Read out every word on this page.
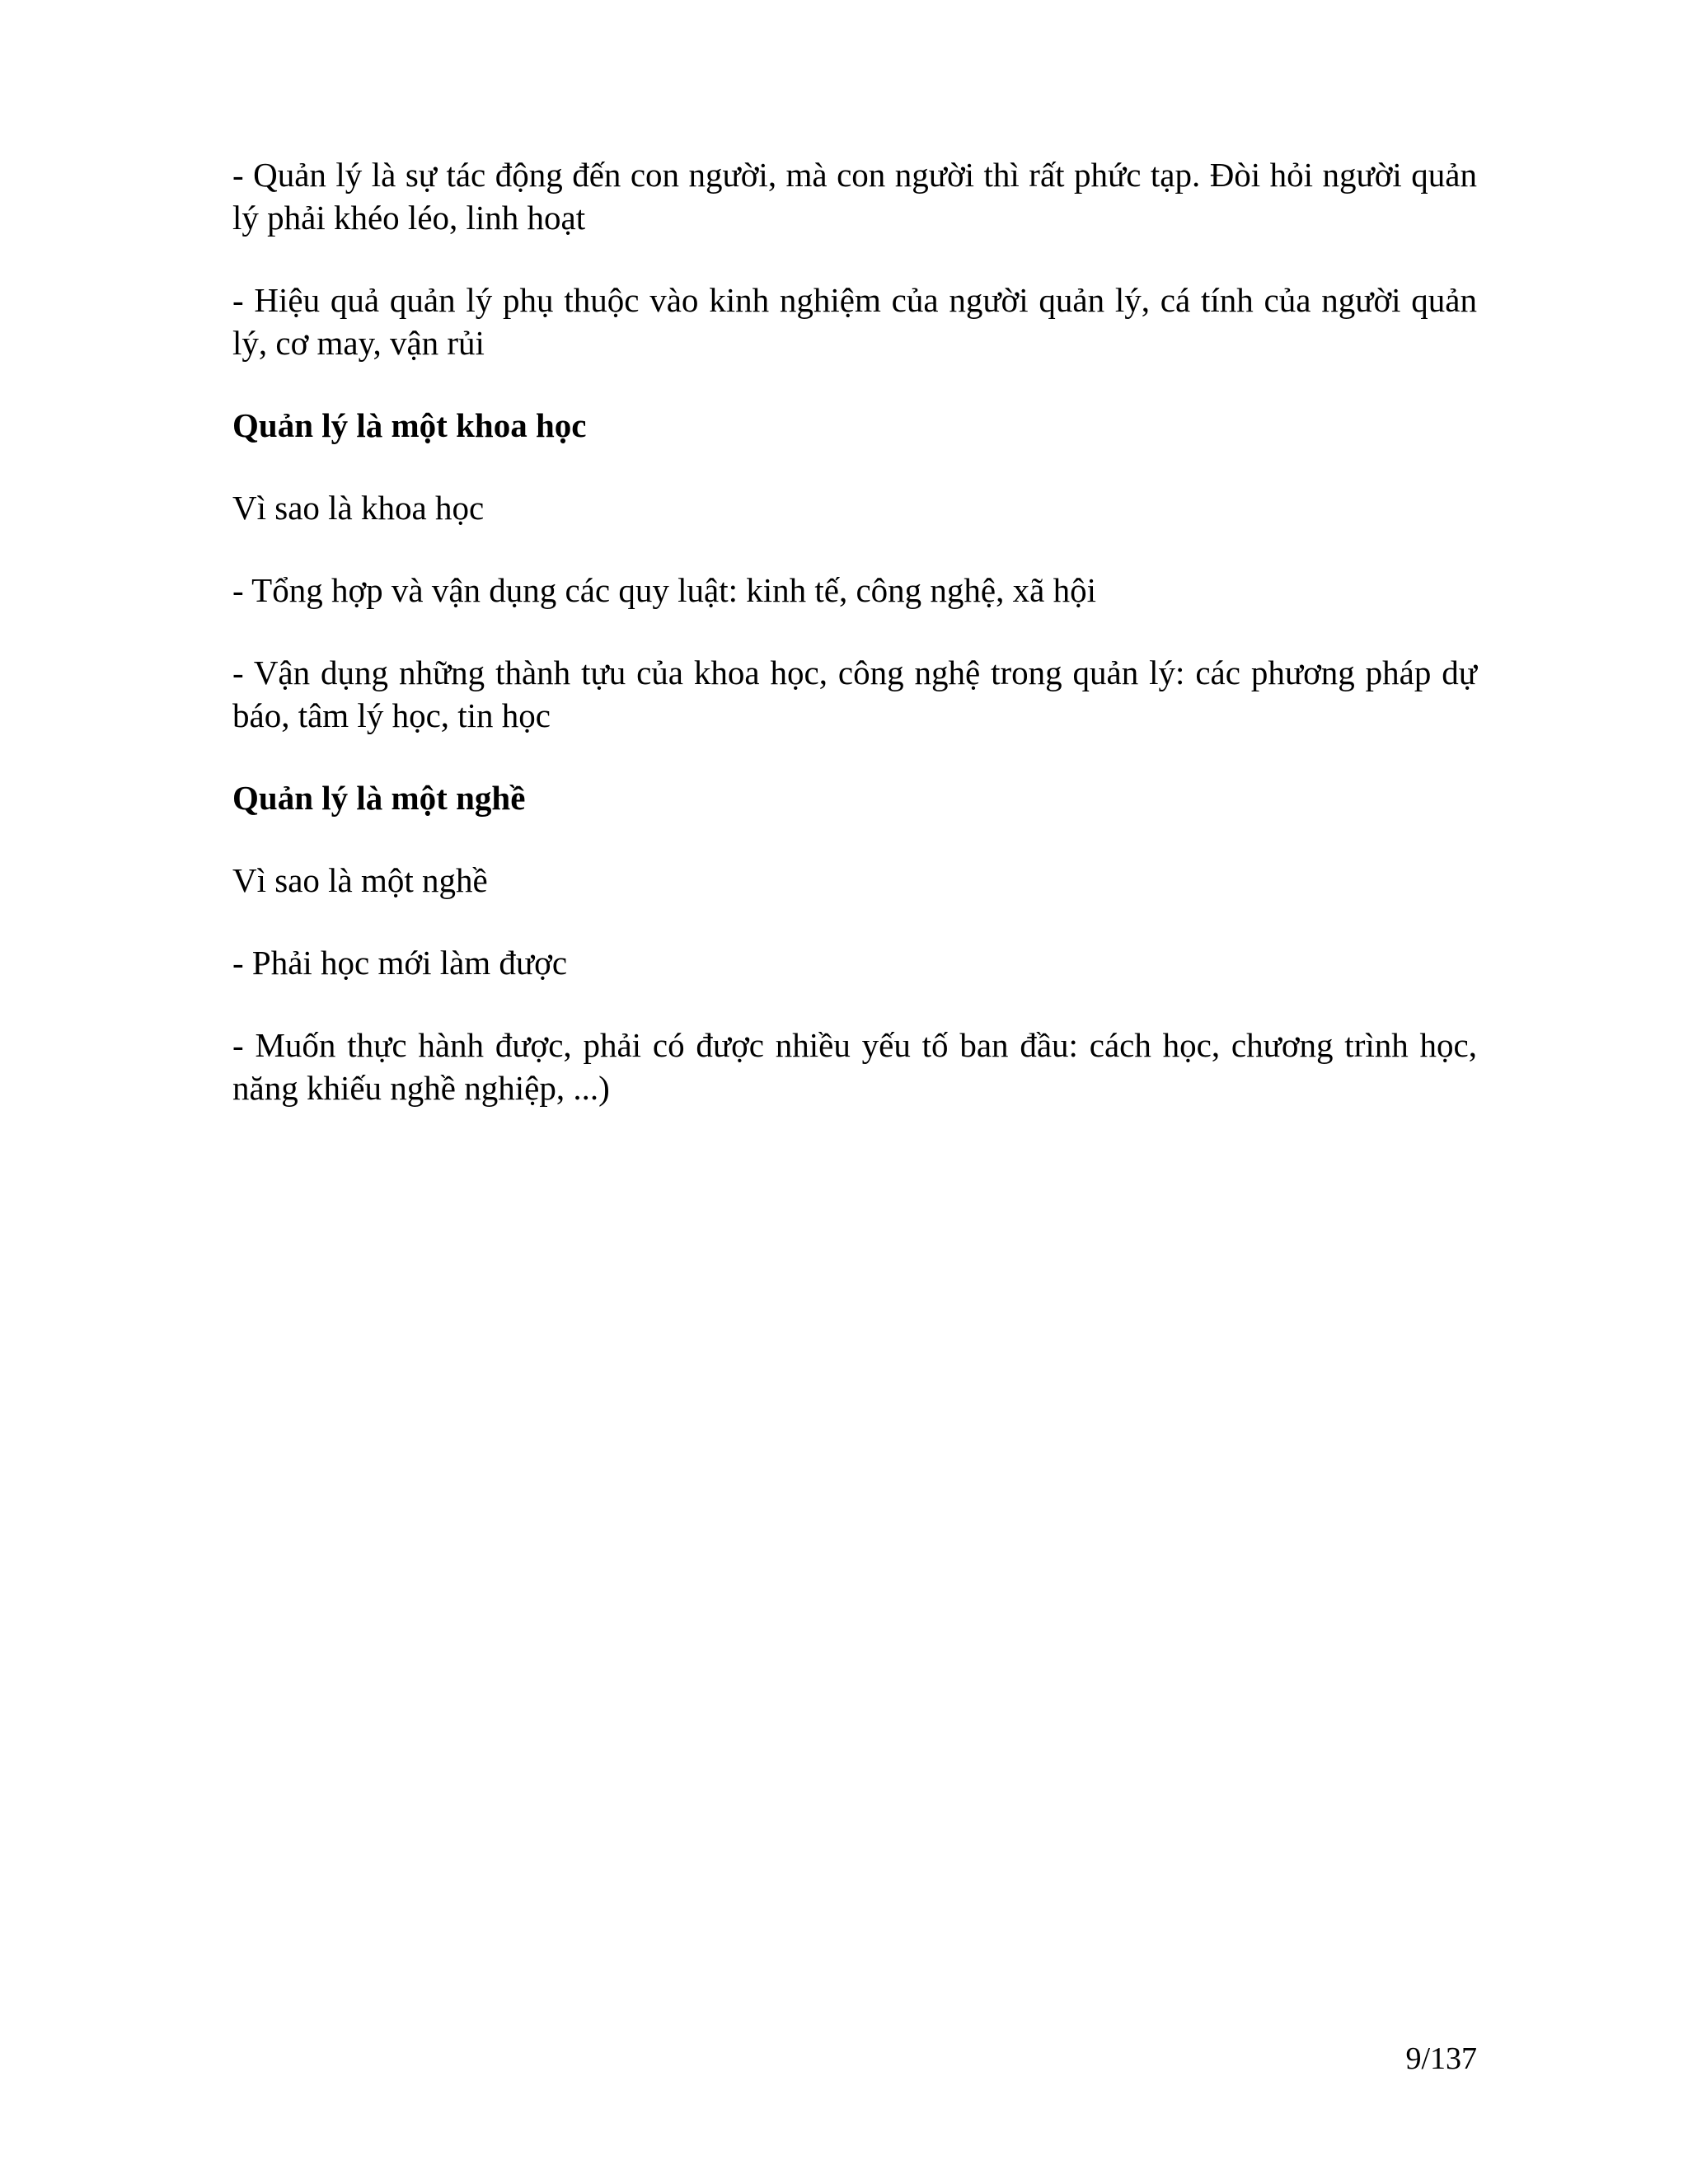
- Quản lý là sự tác động đến con người, mà con người thì rất phức tạp. Đòi hỏi người quản lý phải khéo léo, linh hoạt

- Hiệu quả quản lý phụ thuộc vào kinh nghiệm của người quản lý, cá tính của người quản lý, cơ may, vận rủi

Quản lý là một khoa học

Vì sao là khoa học

- Tổng hợp và vận dụng các quy luật: kinh tế, công nghệ, xã hội

- Vận dụng những thành tựu của khoa học, công nghệ trong quản lý: các phương pháp dự báo, tâm lý học, tin học

Quản lý là một nghề

Vì sao là một nghề

- Phải học mới làm được

- Muốn thực hành được, phải có được nhiều yếu tố ban đầu: cách học, chương trình học, năng khiếu nghề nghiệp, ...)

9/137
